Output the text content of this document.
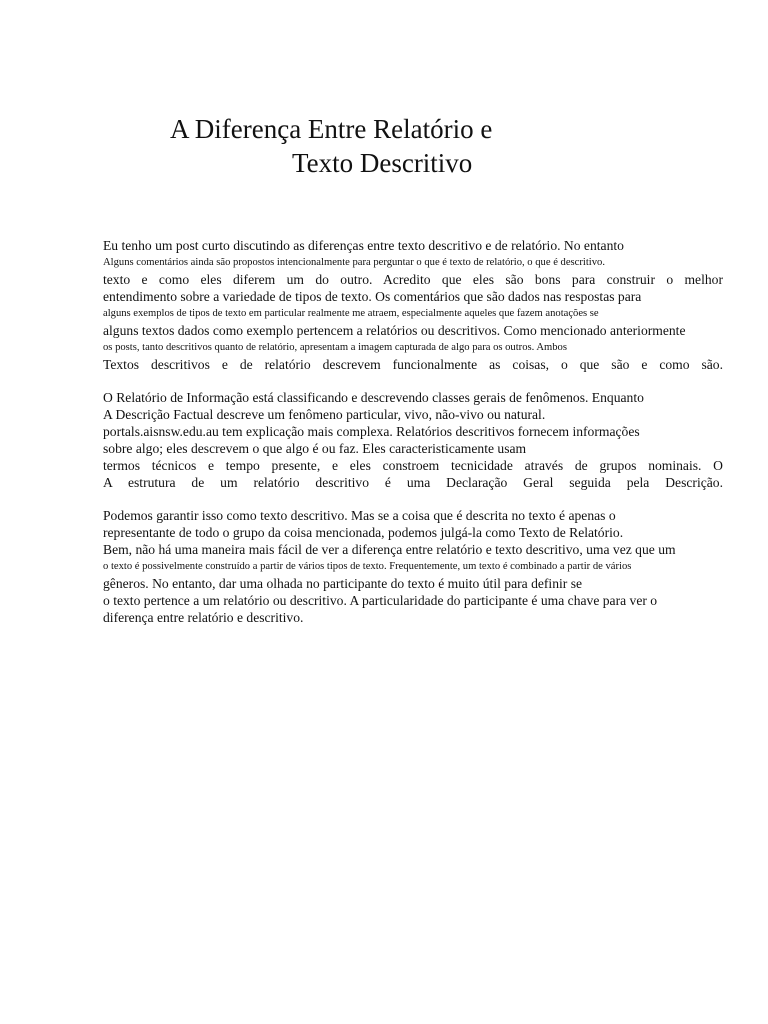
A Diferença Entre Relatório e
Texto Descritivo

Eu tenho um post curto discutindo as diferenças entre texto descritivo e de relatório. No entanto
Alguns comentários ainda são propostos intencionalmente para perguntar o que é texto de relatório, o que é descritivo.
texto e como eles diferem um do outro. Acredito que eles são bons para construir o melhor
entendimento sobre a variedade de tipos de texto. Os comentários que são dados nas respostas para
alguns exemplos de tipos de texto em particular realmente me atraem, especialmente aqueles que fazem anotações se
alguns textos dados como exemplo pertencem a relatórios ou descritivos. Como mencionado anteriormente
os posts, tanto descritivos quanto de relatório, apresentam a imagem capturada de algo para os outros. Ambos
Textos descritivos e de relatório descrevem funcionalmente as coisas, o que são e como são.

O Relatório de Informação está classificando e descrevendo classes gerais de fenômenos. Enquanto
A Descrição Factual descreve um fenômeno particular, vivo, não-vivo ou natural.
portals.aisnsw.edu.au tem explicação mais complexa. Relatórios descritivos fornecem informações
sobre algo; eles descrevem o que algo é ou faz. Eles caracteristicamente usam
termos técnicos e tempo presente, e eles constroem tecnicidade através de grupos nominais. O
A estrutura de um relatório descritivo é uma Declaração Geral seguida pela Descrição.

Podemos garantir isso como texto descritivo. Mas se a coisa que é descrita no texto é apenas o
representante de todo o grupo da coisa mencionada, podemos julgá-la como Texto de Relatório.
Bem, não há uma maneira mais fácil de ver a diferença entre relatório e texto descritivo, uma vez que um
o texto é possivelmente construído a partir de vários tipos de texto. Frequentemente, um texto é combinado a partir de vários
gêneros. No entanto, dar uma olhada no participante do texto é muito útil para definir se
o texto pertence a um relatório ou descritivo. A particularidade do participante é uma chave para ver o
diferença entre relatório e descritivo.
